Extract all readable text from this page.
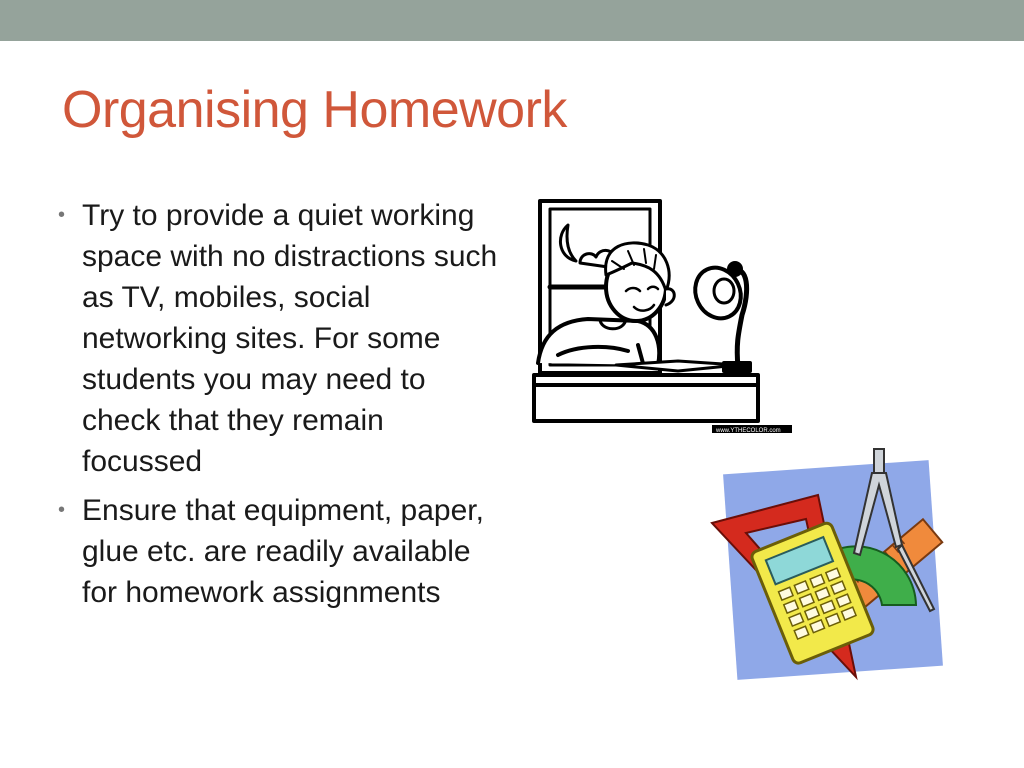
Organising Homework
• Try to provide a quiet working space with no distractions such as TV, mobiles, social networking sites. For some students you may need to check that they remain focussed
• Ensure that equipment, paper, glue etc. are readily available for homework assignments
www.YTHECOLOR.com
